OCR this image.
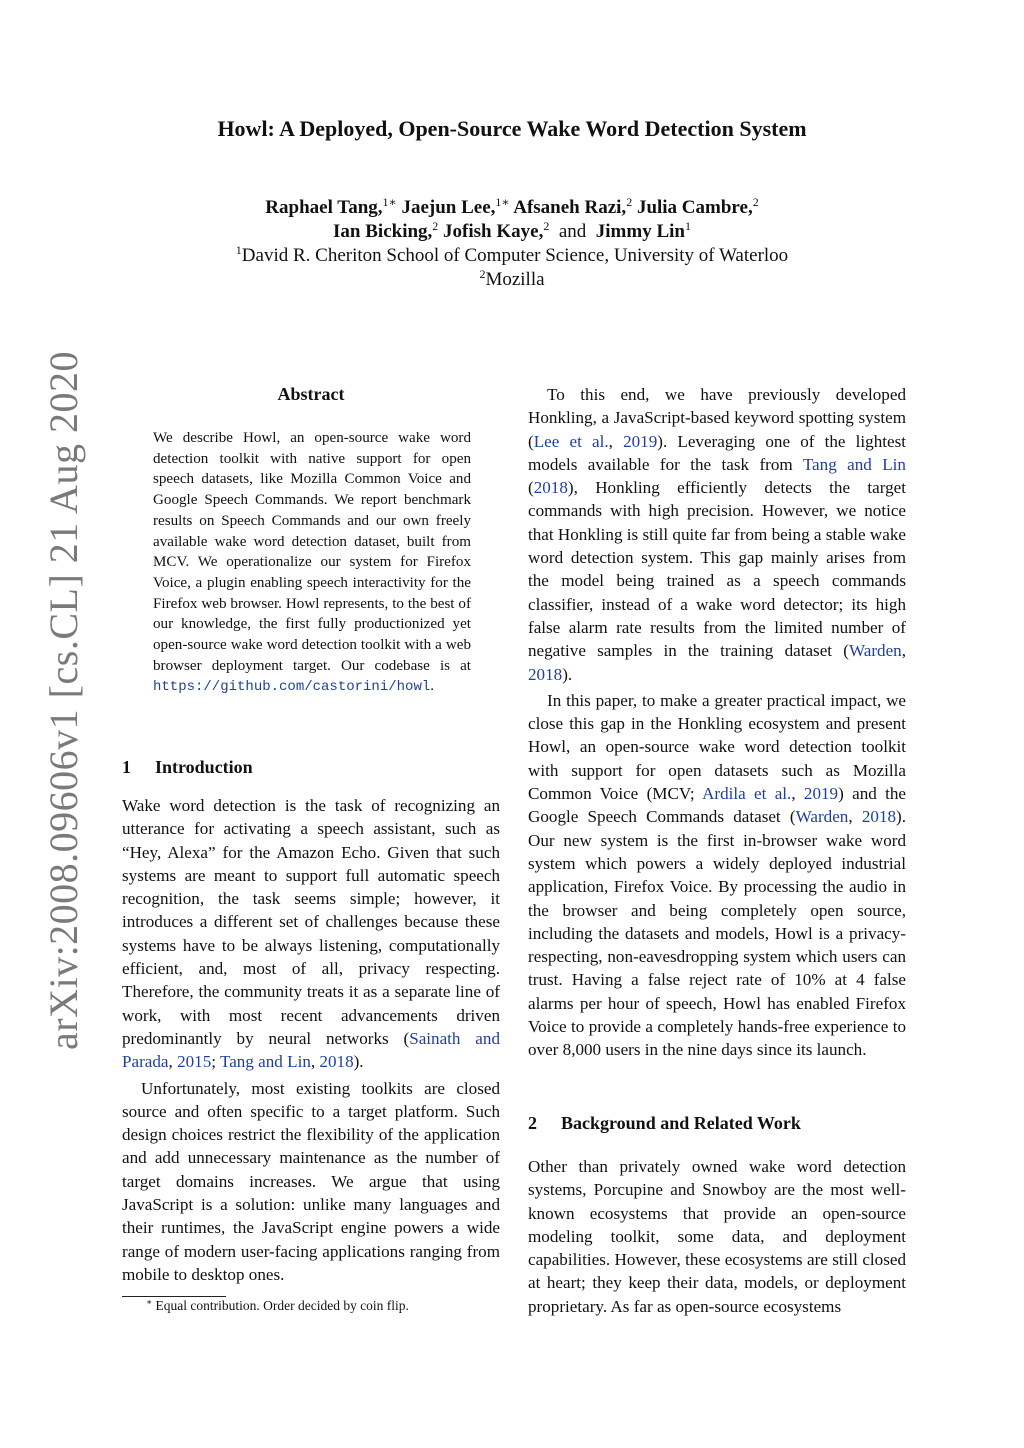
arXiv:2008.09606v1 [cs.CL] 21 Aug 2020
Howl: A Deployed, Open-Source Wake Word Detection System
Raphael Tang,$^{1∗}$ Jaejun Lee,$^{1∗}$ Afsaneh Razi,$^2$ Julia Cambre,$^2$
Ian Bicking,$^2$ Jofish Kaye,$^2$ and Jimmy Lin$^1$
$^1$David R. Cheriton School of Computer Science, University of Waterloo
$^2$Mozilla
Abstract
We describe Howl, an open-source wake word detection toolkit with native support for open speech datasets, like Mozilla Common Voice and Google Speech Commands. We report benchmark results on Speech Commands and our own freely available wake word detection dataset, built from MCV. We operationalize our system for Firefox Voice, a plugin enabling speech interactivity for the Firefox web browser. Howl represents, to the best of our knowledge, the first fully productionized yet open-source wake word detection toolkit with a web browser deployment target. Our codebase is at https://github.com/castorini/howl.
1 Introduction

Wake word detection is the task of recognizing an utterance for activating a speech assistant, such as “Hey, Alexa” for the Amazon Echo. Given that such systems are meant to support full automatic speech recognition, the task seems simple; however, it introduces a different set of challenges because these systems have to be always listening, computationally efficient, and, most of all, privacy respecting. Therefore, the community treats it as a separate line of work, with most recent advancements driven predominantly by neural networks (Sainath and Parada, 2015; Tang and Lin, 2018).

Unfortunately, most existing toolkits are closed source and often specific to a target platform. Such design choices restrict the flexibility of the application and add unnecessary maintenance as the number of target domains increases. We argue that using JavaScript is a solution: unlike many languages and their runtimes, the JavaScript engine powers a wide range of modern user-facing applications ranging from mobile to desktop ones.

To this end, we have previously developed Honkling, a JavaScript-based keyword spotting system (Lee et al., 2019). Leveraging one of the lightest models available for the task from Tang and Lin (2018), Honkling efficiently detects the target commands with high precision. However, we notice that Honkling is still quite far from being a stable wake word detection system. This gap mainly arises from the model being trained as a speech commands classifier, instead of a wake word detector; its high false alarm rate results from the limited number of negative samples in the training dataset (Warden, 2018).

In this paper, to make a greater practical impact, we close this gap in the Honkling ecosystem and present Howl, an open-source wake word detection toolkit with support for open datasets such as Mozilla Common Voice (MCV; Ardila et al., 2019) and the Google Speech Commands dataset (Warden, 2018). Our new system is the first in-browser wake word system which powers a widely deployed industrial application, Firefox Voice. By processing the audio in the browser and being completely open source, including the datasets and models, Howl is a privacy-respecting, non-eavesdropping system which users can trust. Having a false reject rate of 10% at 4 false alarms per hour of speech, Howl has enabled Firefox Voice to provide a completely hands-free experience to over 8,000 users in the nine days since its launch.

2 Background and Related Work

Other than privately owned wake word detection systems, Porcupine and Snowboy are the most well-known ecosystems that provide an open-source modeling toolkit, some data, and deployment capabilities. However, these ecosystems are still closed at heart; they keep their data, models, or deployment proprietary. As far as open-source ecosystems

∗ Equal contribution. Order decided by coin flip.
